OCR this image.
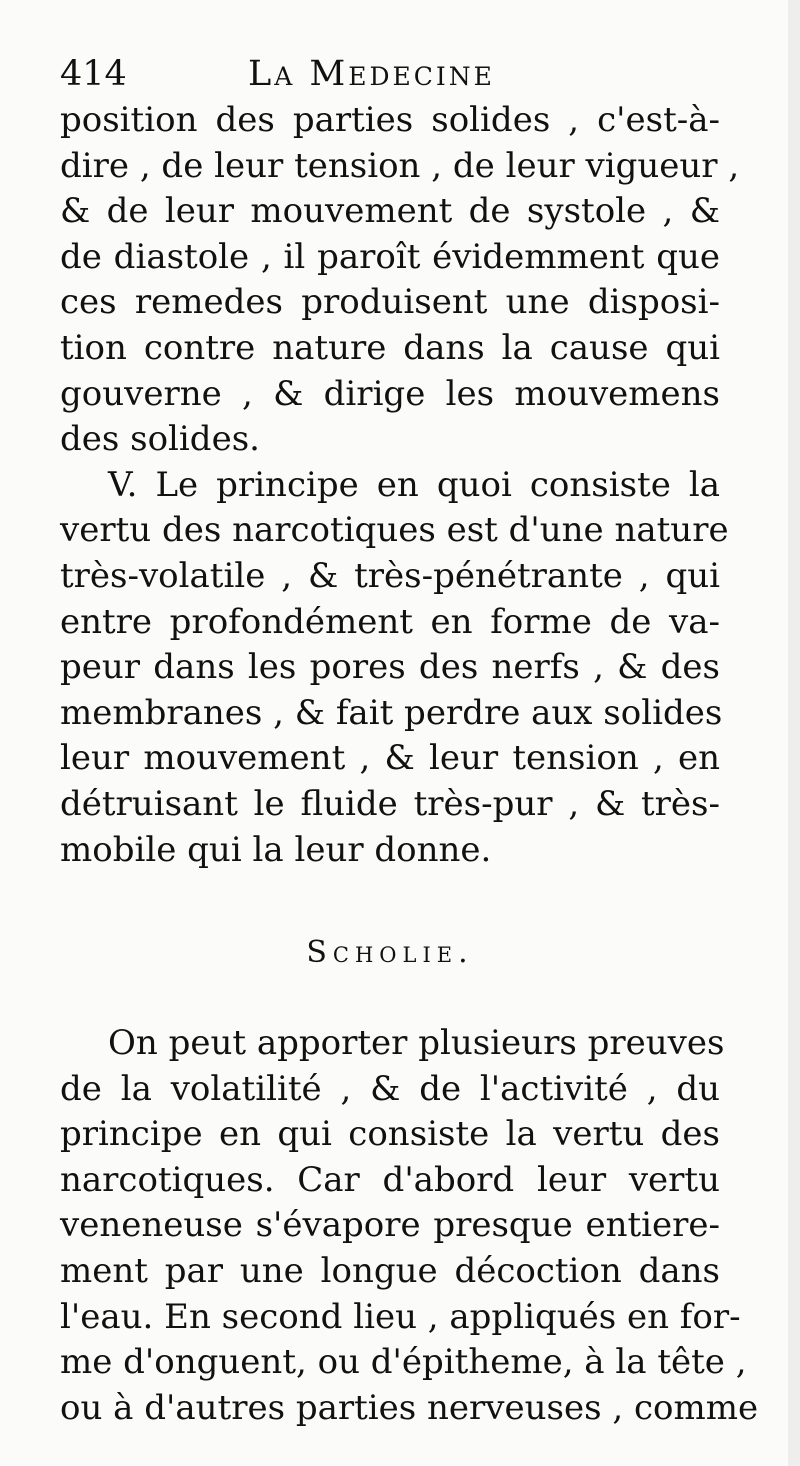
414	La Medecine
position des parties solides , c'est-à-
dire , de leur tension , de leur vigueur ,
& de leur mouvement de systole , &
de diastole , il paroît évidemment que
ces remedes produisent une disposi-
tion contre nature dans la cause qui
gouverne , & dirige les mouvemens
des solides.
V. Le principe en quoi consiste la
vertu des narcotiques est d'une nature
très-volatile , & très-pénétrante , qui
entre profondément en forme de va-
peur dans les pores des nerfs , & des
membranes , & fait perdre aux solides
leur mouvement , & leur tension , en
détruisant le fluide très-pur , & très-
mobile qui la leur donne.
Scholie.
On peut apporter plusieurs preuves
de la volatilité , & de l'activité , du
principe en qui consiste la vertu des
narcotiques. Car d'abord leur vertu
veneneuse s'évapore presque entiere-
ment par une longue décoction dans
l'eau. En second lieu , appliqués en for-
me d'onguent, ou d'épitheme, à la tête ,
ou à d'autres parties nerveuses , comme
